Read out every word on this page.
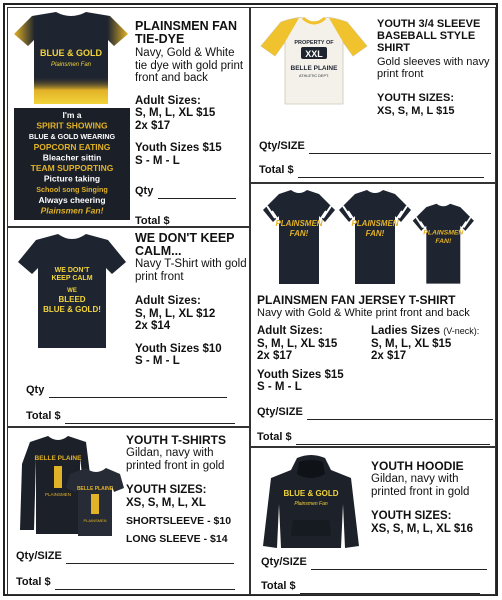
BLUE & GOLD
Plainsmen Fan
I'm a
SPIRIT SHOWING
BLUE & GOLD WEARING
POPCORN EATING
Bleacher sittin
TEAM SUPPORTING
Picture taking
School song Singing
Always cheering
Plainsmen Fan!
PLAINSMEN FAN TIE-DYE
Navy, Gold & White tie dye with gold print front and back
Adult Sizes:
S, M, L, XL $15
2x $17
Youth Sizes $15
S - M - L
Qty
Total $
WE DON'T
KEEP CALM
WE
BLEED
BLUE & GOLD!
WE DON'T KEEP CALM...
Navy T-Shirt with gold print front
Adult Sizes:
S, M, L, XL $12
2x $14
Youth Sizes $10
S - M - L
Qty
Total $
BELLE PLAINE
PLAINSMEN
BELLE PLAINE
PLAINSMEN
YOUTH T-SHIRTS
Gildan, navy with printed front in gold
YOUTH SIZES:
XS, S, M, L, XL
SHORTSLEEVE - $10
LONG SLEEVE - $14
Qty/SIZE
Total $
PROPERTY OF
XXL
BELLE PLAINE
ATHLETIC DEPT.
YOUTH 3/4 SLEEVE BASEBALL STYLE SHIRT
Gold sleeves with navy print front
YOUTH SIZES:
XS, S, M, L $15
Qty/SIZE
Total $
PLAINSMEN
FAN!
PLAINSMEN
FAN!	PLAINSMEN
FAN!
PLAINSMEN FAN JERSEY T-SHIRT
Navy with Gold & White print front and back
Adult Sizes:
S, M, L, XL $15
2x $17
Youth Sizes $15
S - M - L
Ladies Sizes (V-neck):
S, M, L, XL $15
2x $17
Qty/SIZE
Total $
BLUE & GOLD
Plainsmen Fan
YOUTH HOODIE
Gildan, navy with printed front in gold
YOUTH SIZES:
XS, S, M, L, XL $16
Qty/SIZE
Total $
